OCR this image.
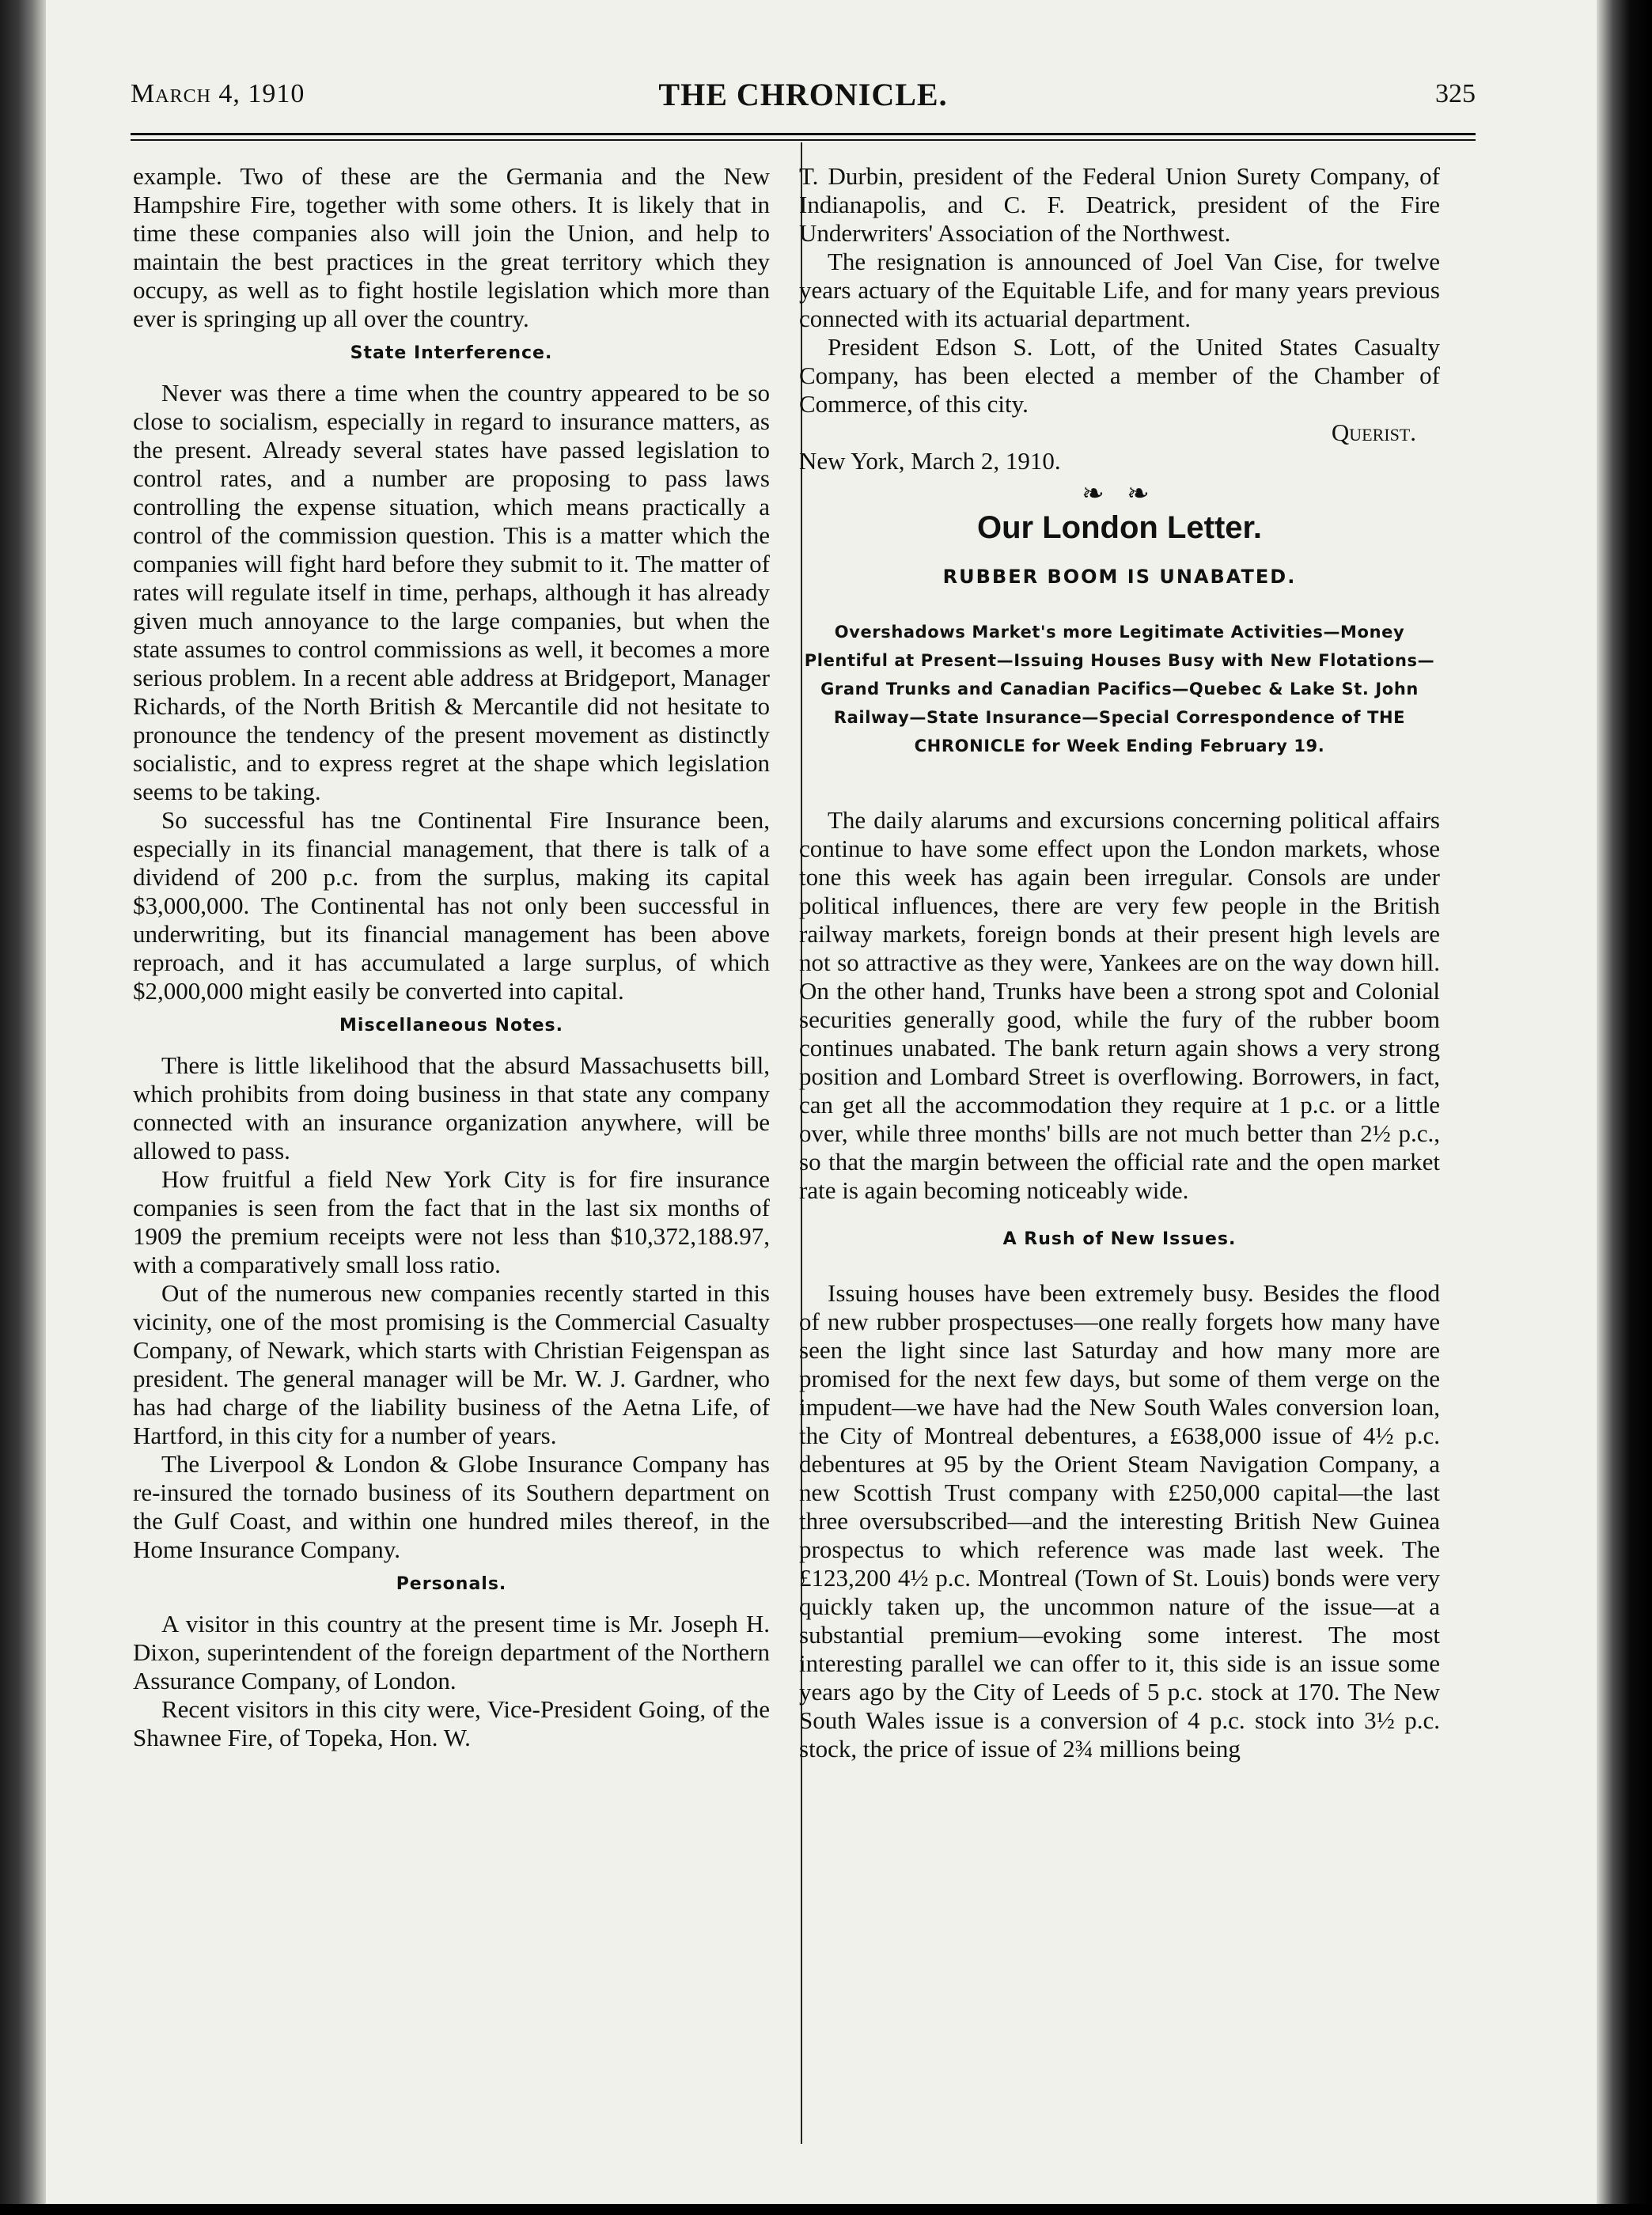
March 4, 1910	THE CHRONICLE.	325

example. Two of these are the Germania and the New Hampshire Fire, together with some others. It is likely that in time these companies also will join the Union, and help to maintain the best practices in the great territory which they occupy, as well as to fight hostile legislation which more than ever is springing up all over the country.

State Interference.

Never was there a time when the country appeared to be so close to socialism, especially in regard to insurance matters, as the present. Already several states have passed legislation to control rates, and a number are proposing to pass laws controlling the expense situation, which means practically a control of the commission question. This is a matter which the companies will fight hard before they submit to it. The matter of rates will regulate itself in time, perhaps, although it has already given much annoyance to the large companies, but when the state assumes to control commissions as well, it becomes a more serious problem. In a recent able address at Bridgeport, Manager Richards, of the North British & Mercantile did not hesitate to pronounce the tendency of the present movement as distinctly socialistic, and to express regret at the shape which legislation seems to be taking.

So successful has tne Continental Fire Insurance been, especially in its financial management, that there is talk of a dividend of 200 p.c. from the surplus, making its capital $3,000,000. The Continental has not only been successful in underwriting, but its financial management has been above reproach, and it has accumulated a large surplus, of which $2,000,000 might easily be converted into capital.

Miscellaneous Notes.

There is little likelihood that the absurd Massachusetts bill, which prohibits from doing business in that state any company connected with an insurance organization anywhere, will be allowed to pass.

How fruitful a field New York City is for fire insurance companies is seen from the fact that in the last six months of 1909 the premium receipts were not less than $10,372,188.97, with a comparatively small loss ratio.

Out of the numerous new companies recently started in this vicinity, one of the most promising is the Commercial Casualty Company, of Newark, which starts with Christian Feigenspan as president. The general manager will be Mr. W. J. Gardner, who has had charge of the liability business of the Aetna Life, of Hartford, in this city for a number of years.

The Liverpool & London & Globe Insurance Company has re-insured the tornado business of its Southern department on the Gulf Coast, and within one hundred miles thereof, in the Home Insurance Company.

Personals.

A visitor in this country at the present time is Mr. Joseph H. Dixon, superintendent of the foreign department of the Northern Assurance Company, of London.

Recent visitors in this city were, Vice-President Going, of the Shawnee Fire, of Topeka, Hon. W.

T. Durbin, president of the Federal Union Surety Company, of Indianapolis, and C. F. Deatrick, president of the Fire Underwriters' Association of the Northwest.

The resignation is announced of Joel Van Cise, for twelve years actuary of the Equitable Life, and for many years previous connected with its actuarial department.

President Edson S. Lott, of the United States Casualty Company, has been elected a member of the Chamber of Commerce, of this city.

Querist.

New York, March 2, 1910.

❧ ❧
Our London Letter.
RUBBER BOOM IS UNABATED.
Overshadows Market's more Legitimate Activities—Money Plentiful at Present—Issuing Houses Busy with New Flotations—Grand Trunks and Canadian Pacifics—Quebec & Lake St. John Railway—State Insurance—Special Correspondence of THE CHRONICLE for Week Ending February 19.

The daily alarums and excursions concerning political affairs continue to have some effect upon the London markets, whose tone this week has again been irregular. Consols are under political influences, there are very few people in the British railway markets, foreign bonds at their present high levels are not so attractive as they were, Yankees are on the way down hill. On the other hand, Trunks have been a strong spot and Colonial securities generally good, while the fury of the rubber boom continues unabated. The bank return again shows a very strong position and Lombard Street is overflowing. Borrowers, in fact, can get all the accommodation they require at 1 p.c. or a little over, while three months' bills are not much better than 2½ p.c., so that the margin between the official rate and the open market rate is again becoming noticeably wide.

A Rush of New Issues.

Issuing houses have been extremely busy. Besides the flood of new rubber prospectuses—one really forgets how many have seen the light since last Saturday and how many more are promised for the next few days, but some of them verge on the impudent—we have had the New South Wales conversion loan, the City of Montreal debentures, a £638,000 issue of 4½ p.c. debentures at 95 by the Orient Steam Navigation Company, a new Scottish Trust company with £250,000 capital—the last three oversubscribed—and the interesting British New Guinea prospectus to which reference was made last week. The £123,200 4½ p.c. Montreal (Town of St. Louis) bonds were very quickly taken up, the uncommon nature of the issue—at a substantial premium—evoking some interest. The most interesting parallel we can offer to it, this side is an issue some years ago by the City of Leeds of 5 p.c. stock at 170. The New South Wales issue is a conversion of 4 p.c. stock into 3½ p.c. stock, the price of issue of 2¾ millions being
